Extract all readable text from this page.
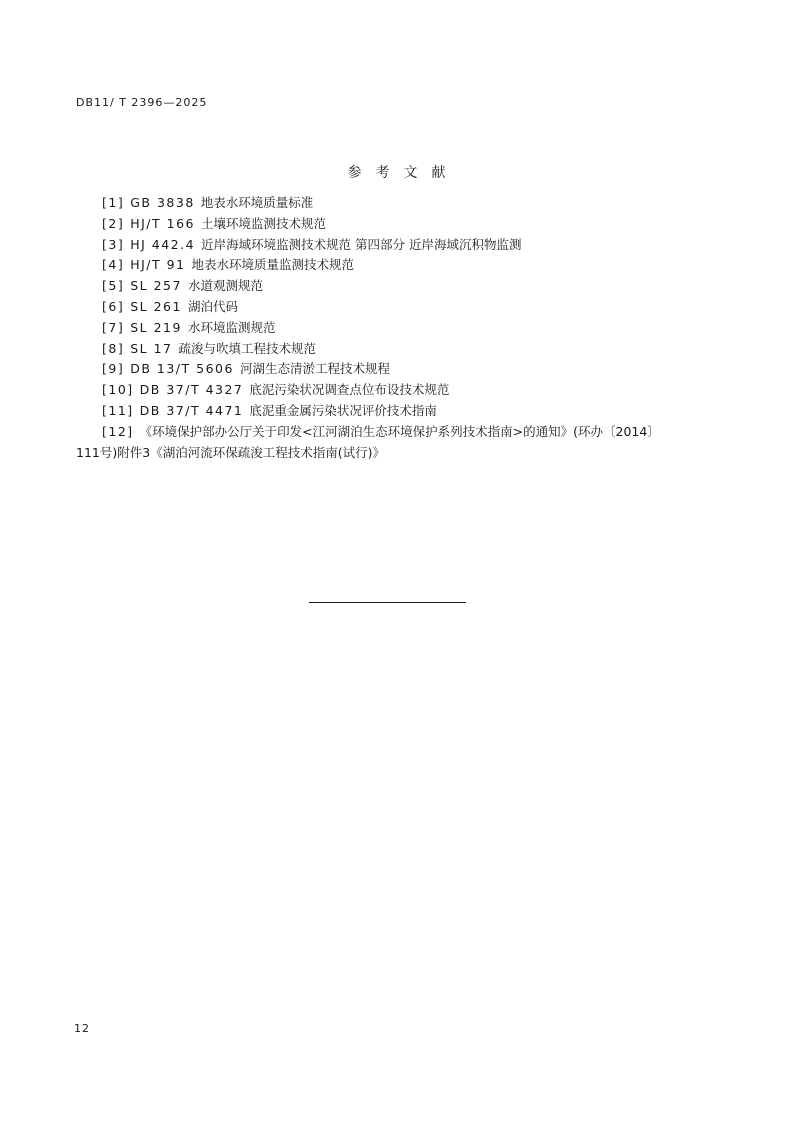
DB11/ T 2396—2025
参考文献
[1] GB 3838 地表水环境质量标准
[2] HJ/T 166 土壤环境监测技术规范
[3] HJ 442.4 近岸海域环境监测技术规范 第四部分 近岸海域沉积物监测
[4] HJ/T 91 地表水环境质量监测技术规范
[5] SL 257 水道观测规范
[6] SL 261 湖泊代码
[7] SL 219 水环境监测规范
[8] SL 17 疏浚与吹填工程技术规范
[9] DB 13/T 5606 河湖生态清淤工程技术规程
[10] DB 37/T 4327 底泥污染状况调查点位布设技术规范
[11] DB 37/T 4471 底泥重金属污染状况评价技术指南
[12] 《环境保护部办公厅关于印发<江河湖泊生态环境保护系列技术指南>的通知》(环办〔2014〕
111号)附件3《湖泊河流环保疏浚工程技术指南(试行)》
12
